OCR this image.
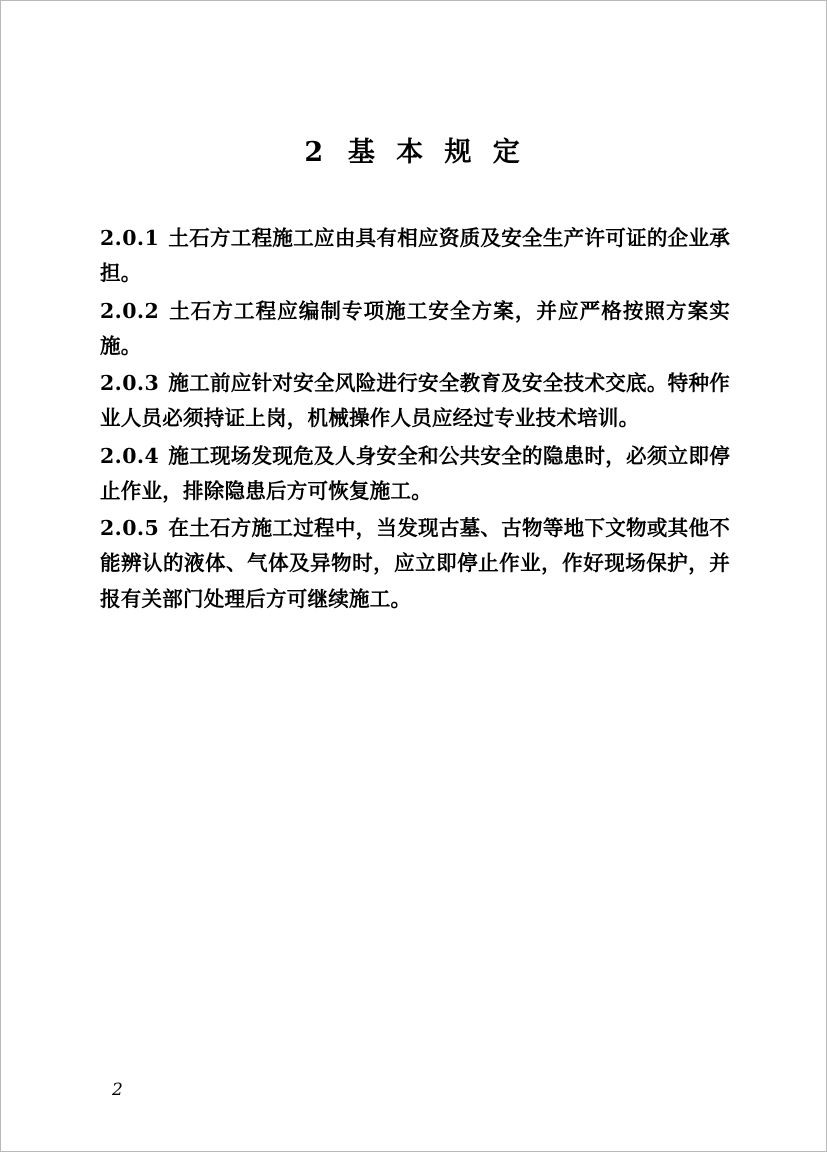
2 基 本 规 定

2.0.1 土石方工程施工应由具有相应资质及安全生产许可证的企业承担。

2.0.2 土石方工程应编制专项施工安全方案，并应严格按照方案实施。

2.0.3 施工前应针对安全风险进行安全教育及安全技术交底。特种作业人员必须持证上岗，机械操作人员应经过专业技术培训。

2.0.4 施工现场发现危及人身安全和公共安全的隐患时，必须立即停止作业，排除隐患后方可恢复施工。

2.0.5 在土石方施工过程中，当发现古墓、古物等地下文物或其他不能辨认的液体、气体及异物时，应立即停止作业，作好现场保护，并报有关部门处理后方可继续施工。

2
